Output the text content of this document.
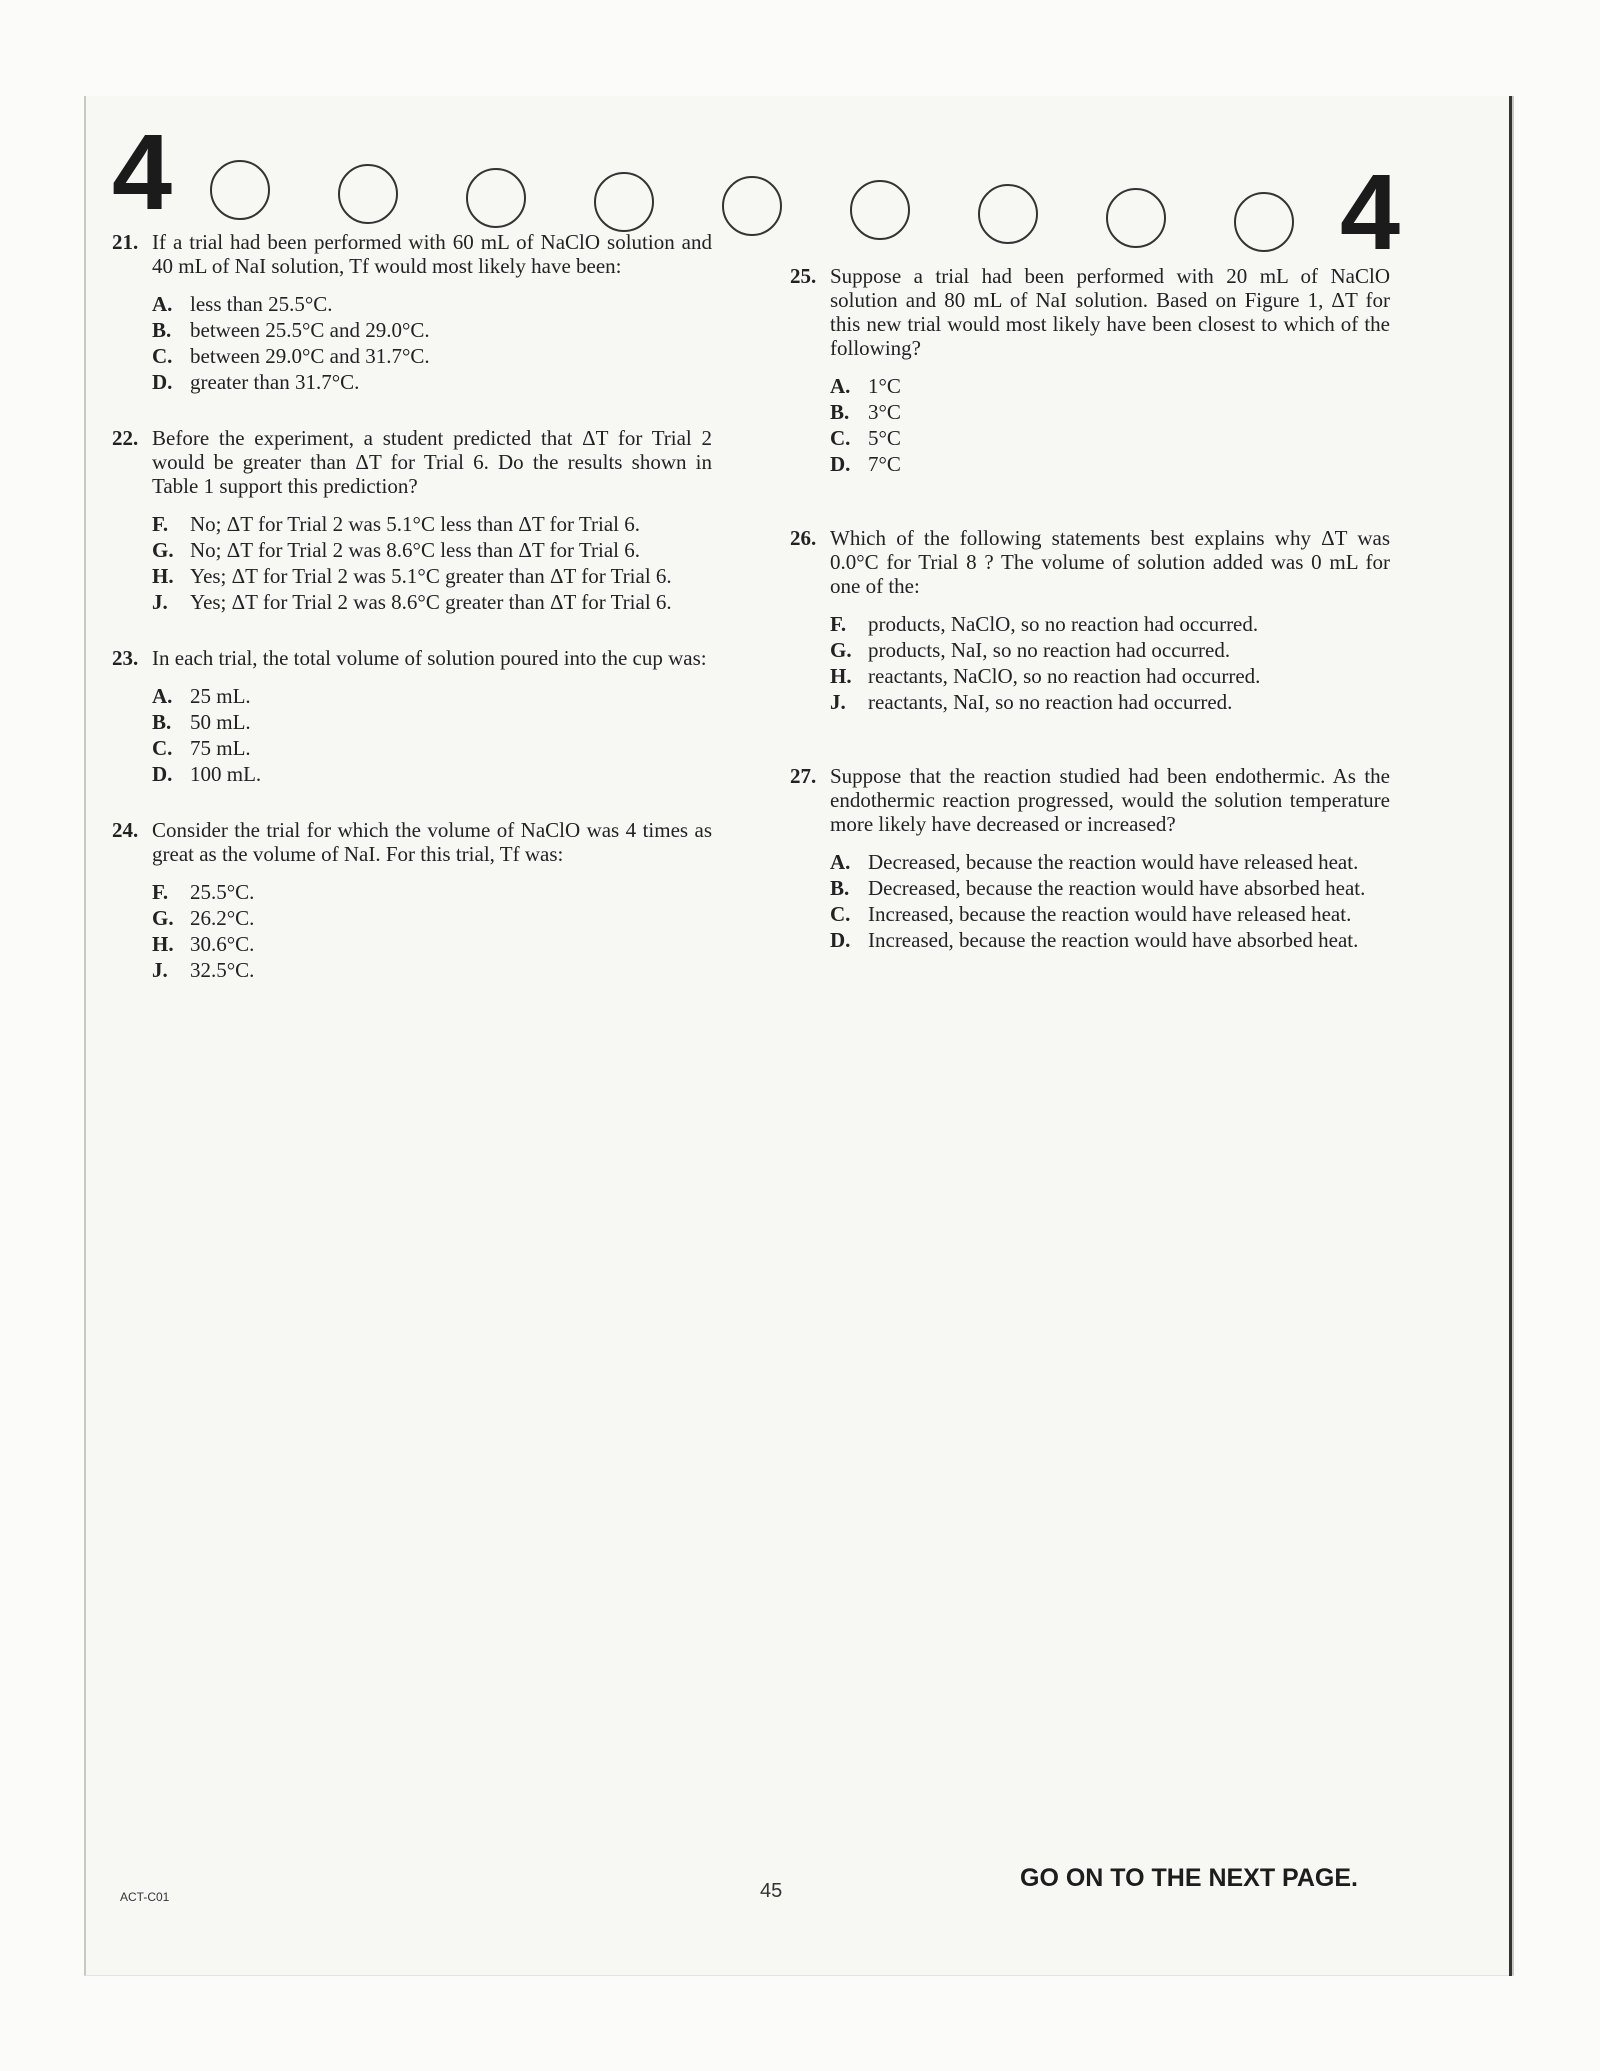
4	4
21. If a trial had been performed with 60 mL of NaClO solution and 40 mL of NaI solution, Tf would most likely have been:
A. less than 25.5°C.
B. between 25.5°C and 29.0°C.
C. between 29.0°C and 31.7°C.
D. greater than 31.7°C.
22. Before the experiment, a student predicted that ΔT for Trial 2 would be greater than ΔT for Trial 6. Do the results shown in Table 1 support this prediction?
F.	No; ΔT for Trial 2 was 5.1°C less than ΔT for Trial 6.
G. No; ΔT for Trial 2 was 8.6°C less than ΔT for Trial 6.
H. Yes; ΔT for Trial 2 was 5.1°C greater than ΔT for Trial 6.
J.	Yes; ΔT for Trial 2 was 8.6°C greater than ΔT for Trial 6.
23. In each trial, the total volume of solution poured into the cup was:
A. 25 mL.
B. 50 mL.
C. 75 mL.
D. 100 mL.
24. Consider the trial for which the volume of NaClO was 4 times as great as the volume of NaI. For this trial, Tf was:
F.	25.5°C.
G. 26.2°C.
H. 30.6°C.
J.	32.5°C.
25. Suppose a trial had been performed with 20 mL of NaClO solution and 80 mL of NaI solution. Based on Figure 1, ΔT for this new trial would most likely have been closest to which of the following?
A. 1°C
B. 3°C
C. 5°C
D. 7°C
26. Which of the following statements best explains why ΔT was 0.0°C for Trial 8 ? The volume of solution added was 0 mL for one of the:
F.	products, NaClO, so no reaction had occurred.
G. products, NaI, so no reaction had occurred.
H. reactants, NaClO, so no reaction had occurred.
J.	reactants, NaI, so no reaction had occurred.
27. Suppose that the reaction studied had been endothermic. As the endothermic reaction progressed, would the solution temperature more likely have decreased or increased?
A. Decreased, because the reaction would have released heat.
B. Decreased, because the reaction would have absorbed heat.
C. Increased, because the reaction would have released heat.
D. Increased, because the reaction would have absorbed heat.
ACT-C01	45	GO ON TO THE NEXT PAGE.
